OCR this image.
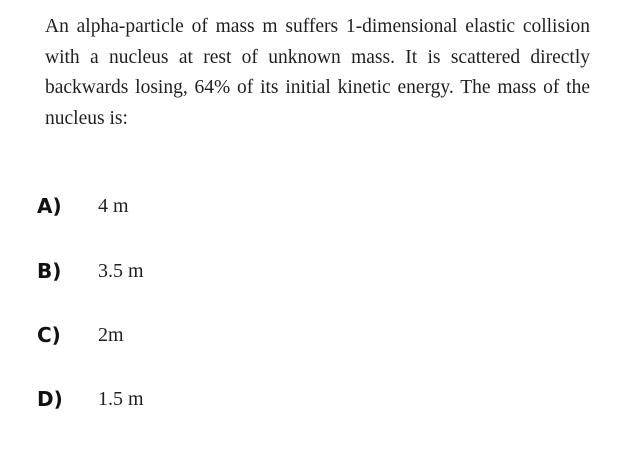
An alpha-particle of mass m suffers 1-dimensional elastic collision with a nucleus at rest of unknown mass. It is scattered directly backwards losing, 64% of its initial kinetic energy. The mass of the nucleus is:

A)	4 m
B)	3.5 m
C)	2m
D)	1.5 m
